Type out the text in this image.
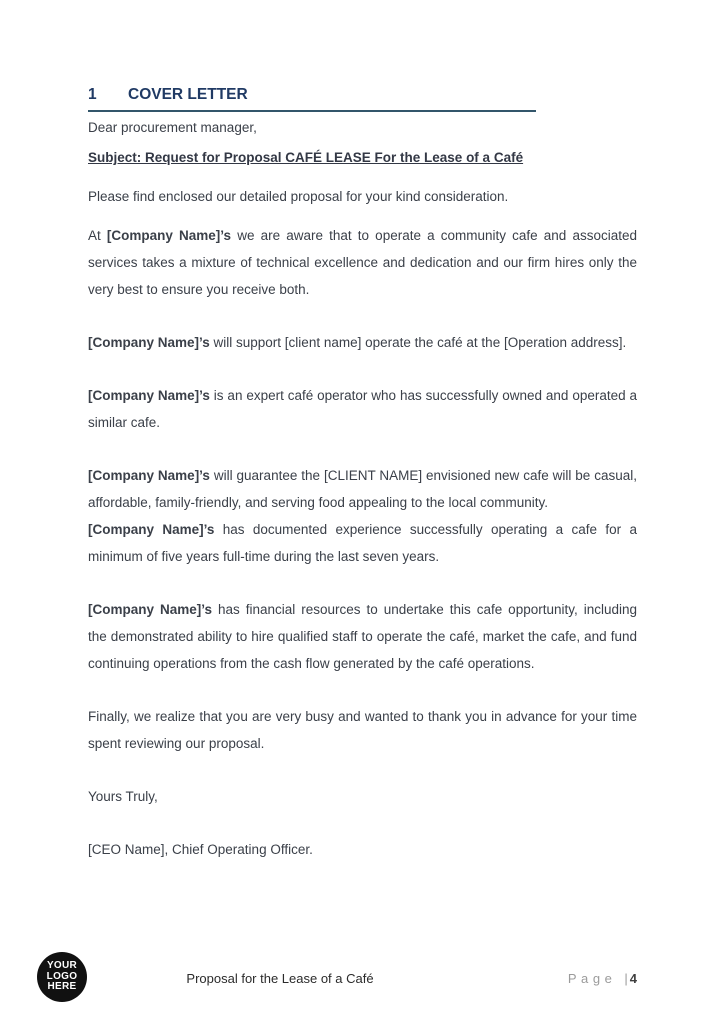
1	COVER LETTER

Dear procurement manager,

Subject: Request for Proposal CAFÉ LEASE For the Lease of a Café

Please find enclosed our detailed proposal for your kind consideration.

At [Company Name]’s we are aware that to operate a community cafe and associated services takes a mixture of technical excellence and dedication and our firm hires only the very best to ensure you receive both.

[Company Name]’s will support [client name] operate the café at the [Operation address].

[Company Name]’s is an expert café operator who has successfully owned and operated a similar cafe.

[Company Name]’s will guarantee the [CLIENT NAME] envisioned new cafe will be casual, affordable, family-friendly, and serving food appealing to the local community.

[Company Name]’s has documented experience successfully operating a cafe for a minimum of five years full-time during the last seven years.

[Company Name]’s has financial resources to undertake this cafe opportunity, including the demonstrated ability to hire qualified staff to operate the café, market the cafe, and fund continuing operations from the cash flow generated by the café operations.

Finally, we realize that you are very busy and wanted to thank you in advance for your time spent reviewing our proposal.

Yours Truly,

[CEO Name], Chief Operating Officer.

YOUR
LOGO
HERE
Proposal for the Lease of a Café	Page | 4
